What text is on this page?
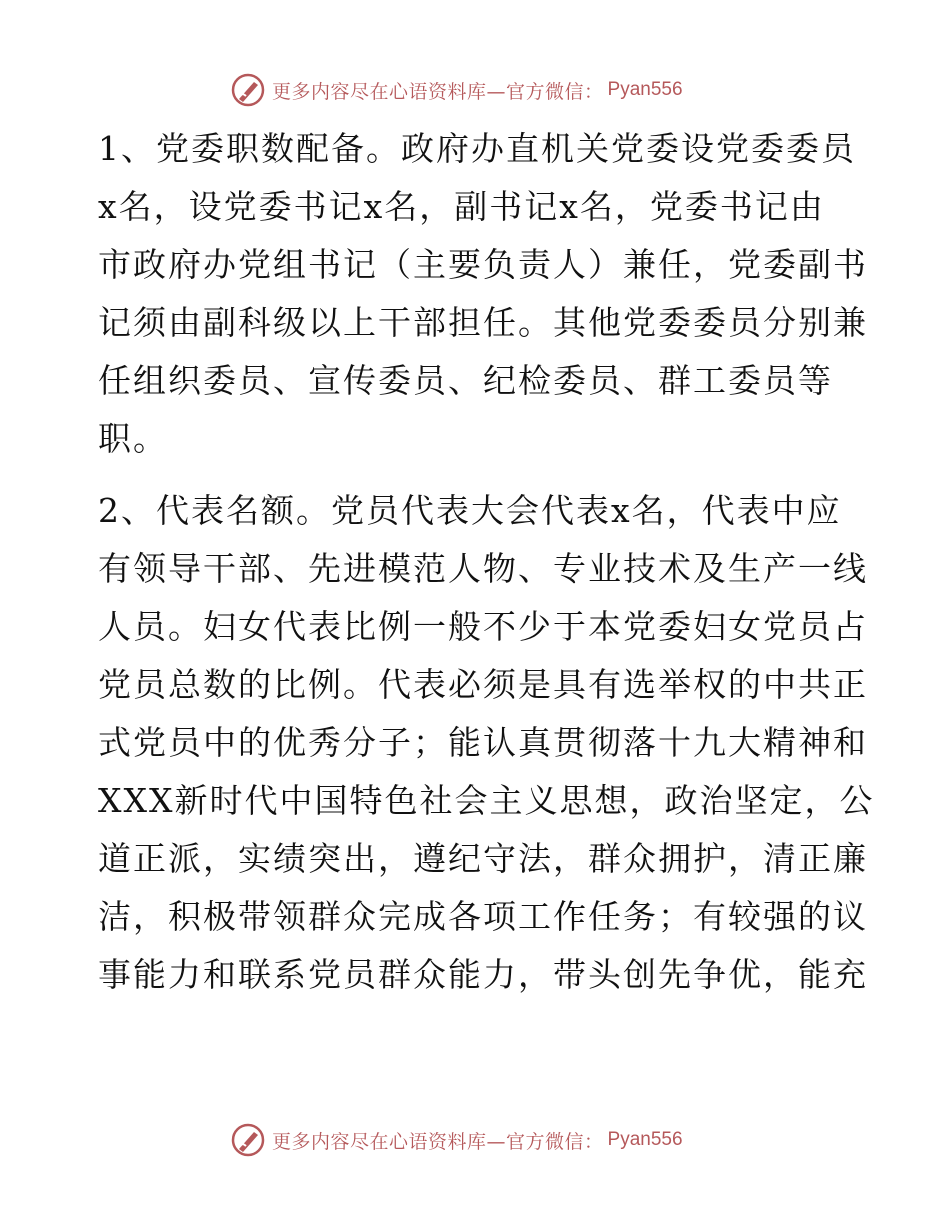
更多内容尽在心语资料库—官方微信： Pyan556

1、党委职数配备。政府办直机关党委设党委委员
x名，设党委书记x名，副书记x名，党委书记由
市政府办党组书记（主要负责人）兼任，党委副书
记须由副科级以上干部担任。其他党委委员分别兼
任组织委员、宣传委员、纪检委员、群工委员等
职。

2、代表名额。党员代表大会代表x名，代表中应
有领导干部、先进模范人物、专业技术及生产一线
人员。妇女代表比例一般不少于本党委妇女党员占
党员总数的比例。代表必须是具有选举权的中共正
式党员中的优秀分子；能认真贯彻落十九大精神和
XXX新时代中国特色社会主义思想，政治坚定，公
道正派，实绩突出，遵纪守法，群众拥护，清正廉
洁，积极带领群众完成各项工作任务；有较强的议
事能力和联系党员群众能力，带头创先争优，能充

更多内容尽在心语资料库—官方微信： Pyan556
